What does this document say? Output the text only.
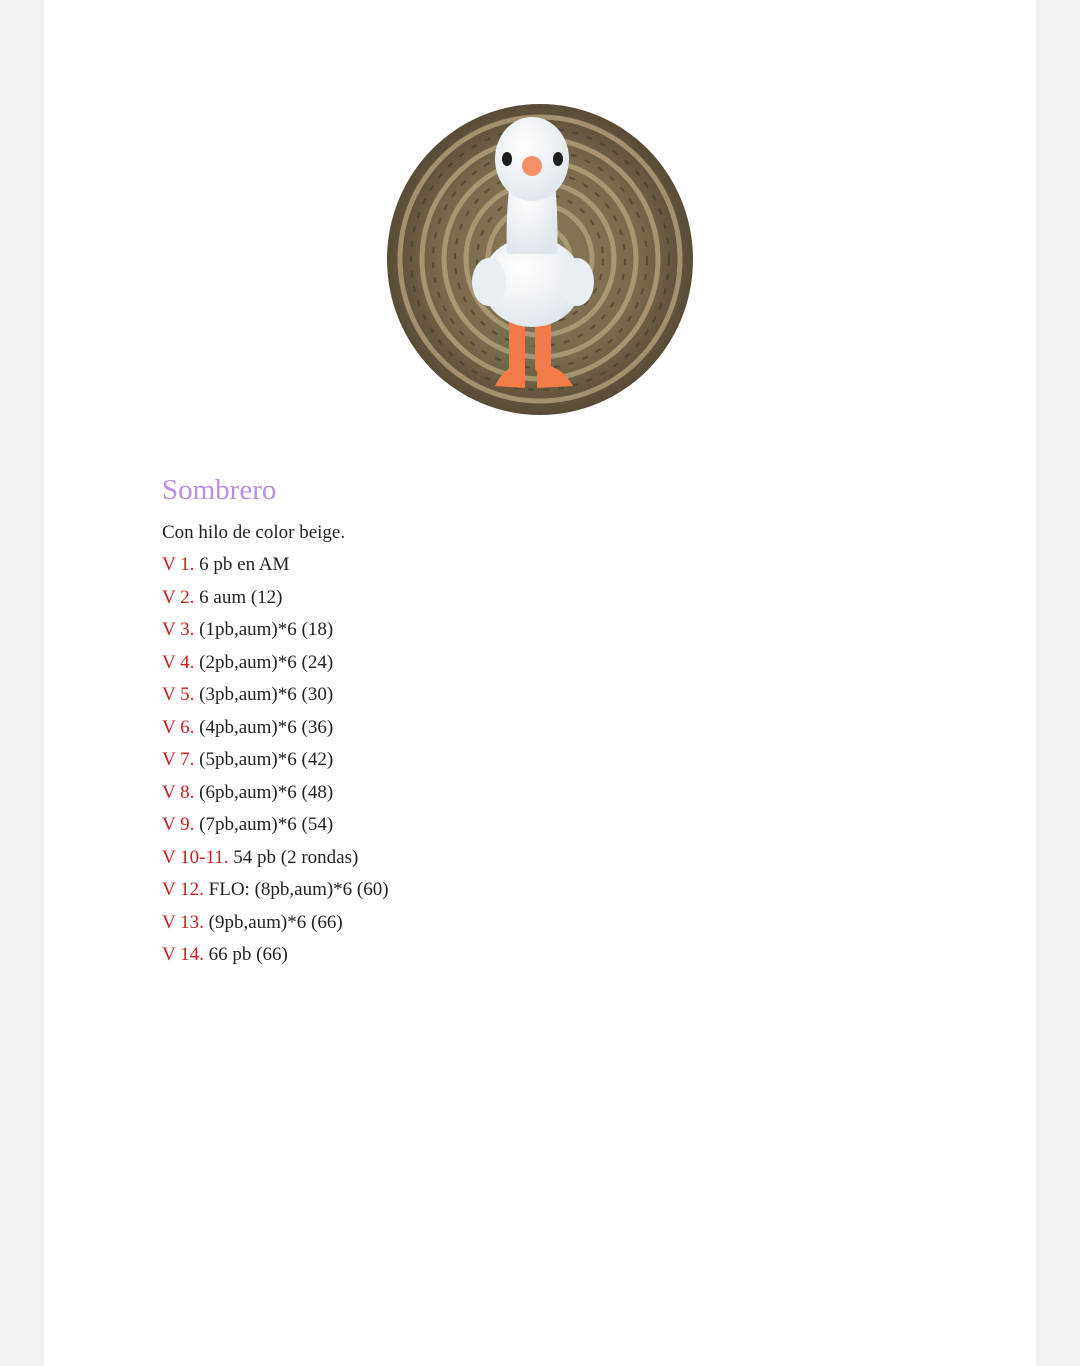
Sombrero
Con hilo de color beige.
V 1. 6 pb en AM
V 2. 6 aum (12)
V 3. (1pb,aum)*6 (18)
V 4. (2pb,aum)*6 (24)
V 5. (3pb,aum)*6 (30)
V 6. (4pb,aum)*6 (36)
V 7. (5pb,aum)*6 (42)
V 8. (6pb,aum)*6 (48)
V 9. (7pb,aum)*6 (54)
V 10-11. 54 pb (2 rondas)
V 12. FLO: (8pb,aum)*6 (60)
V 13. (9pb,aum)*6 (66)
V 14. 66 pb (66)
